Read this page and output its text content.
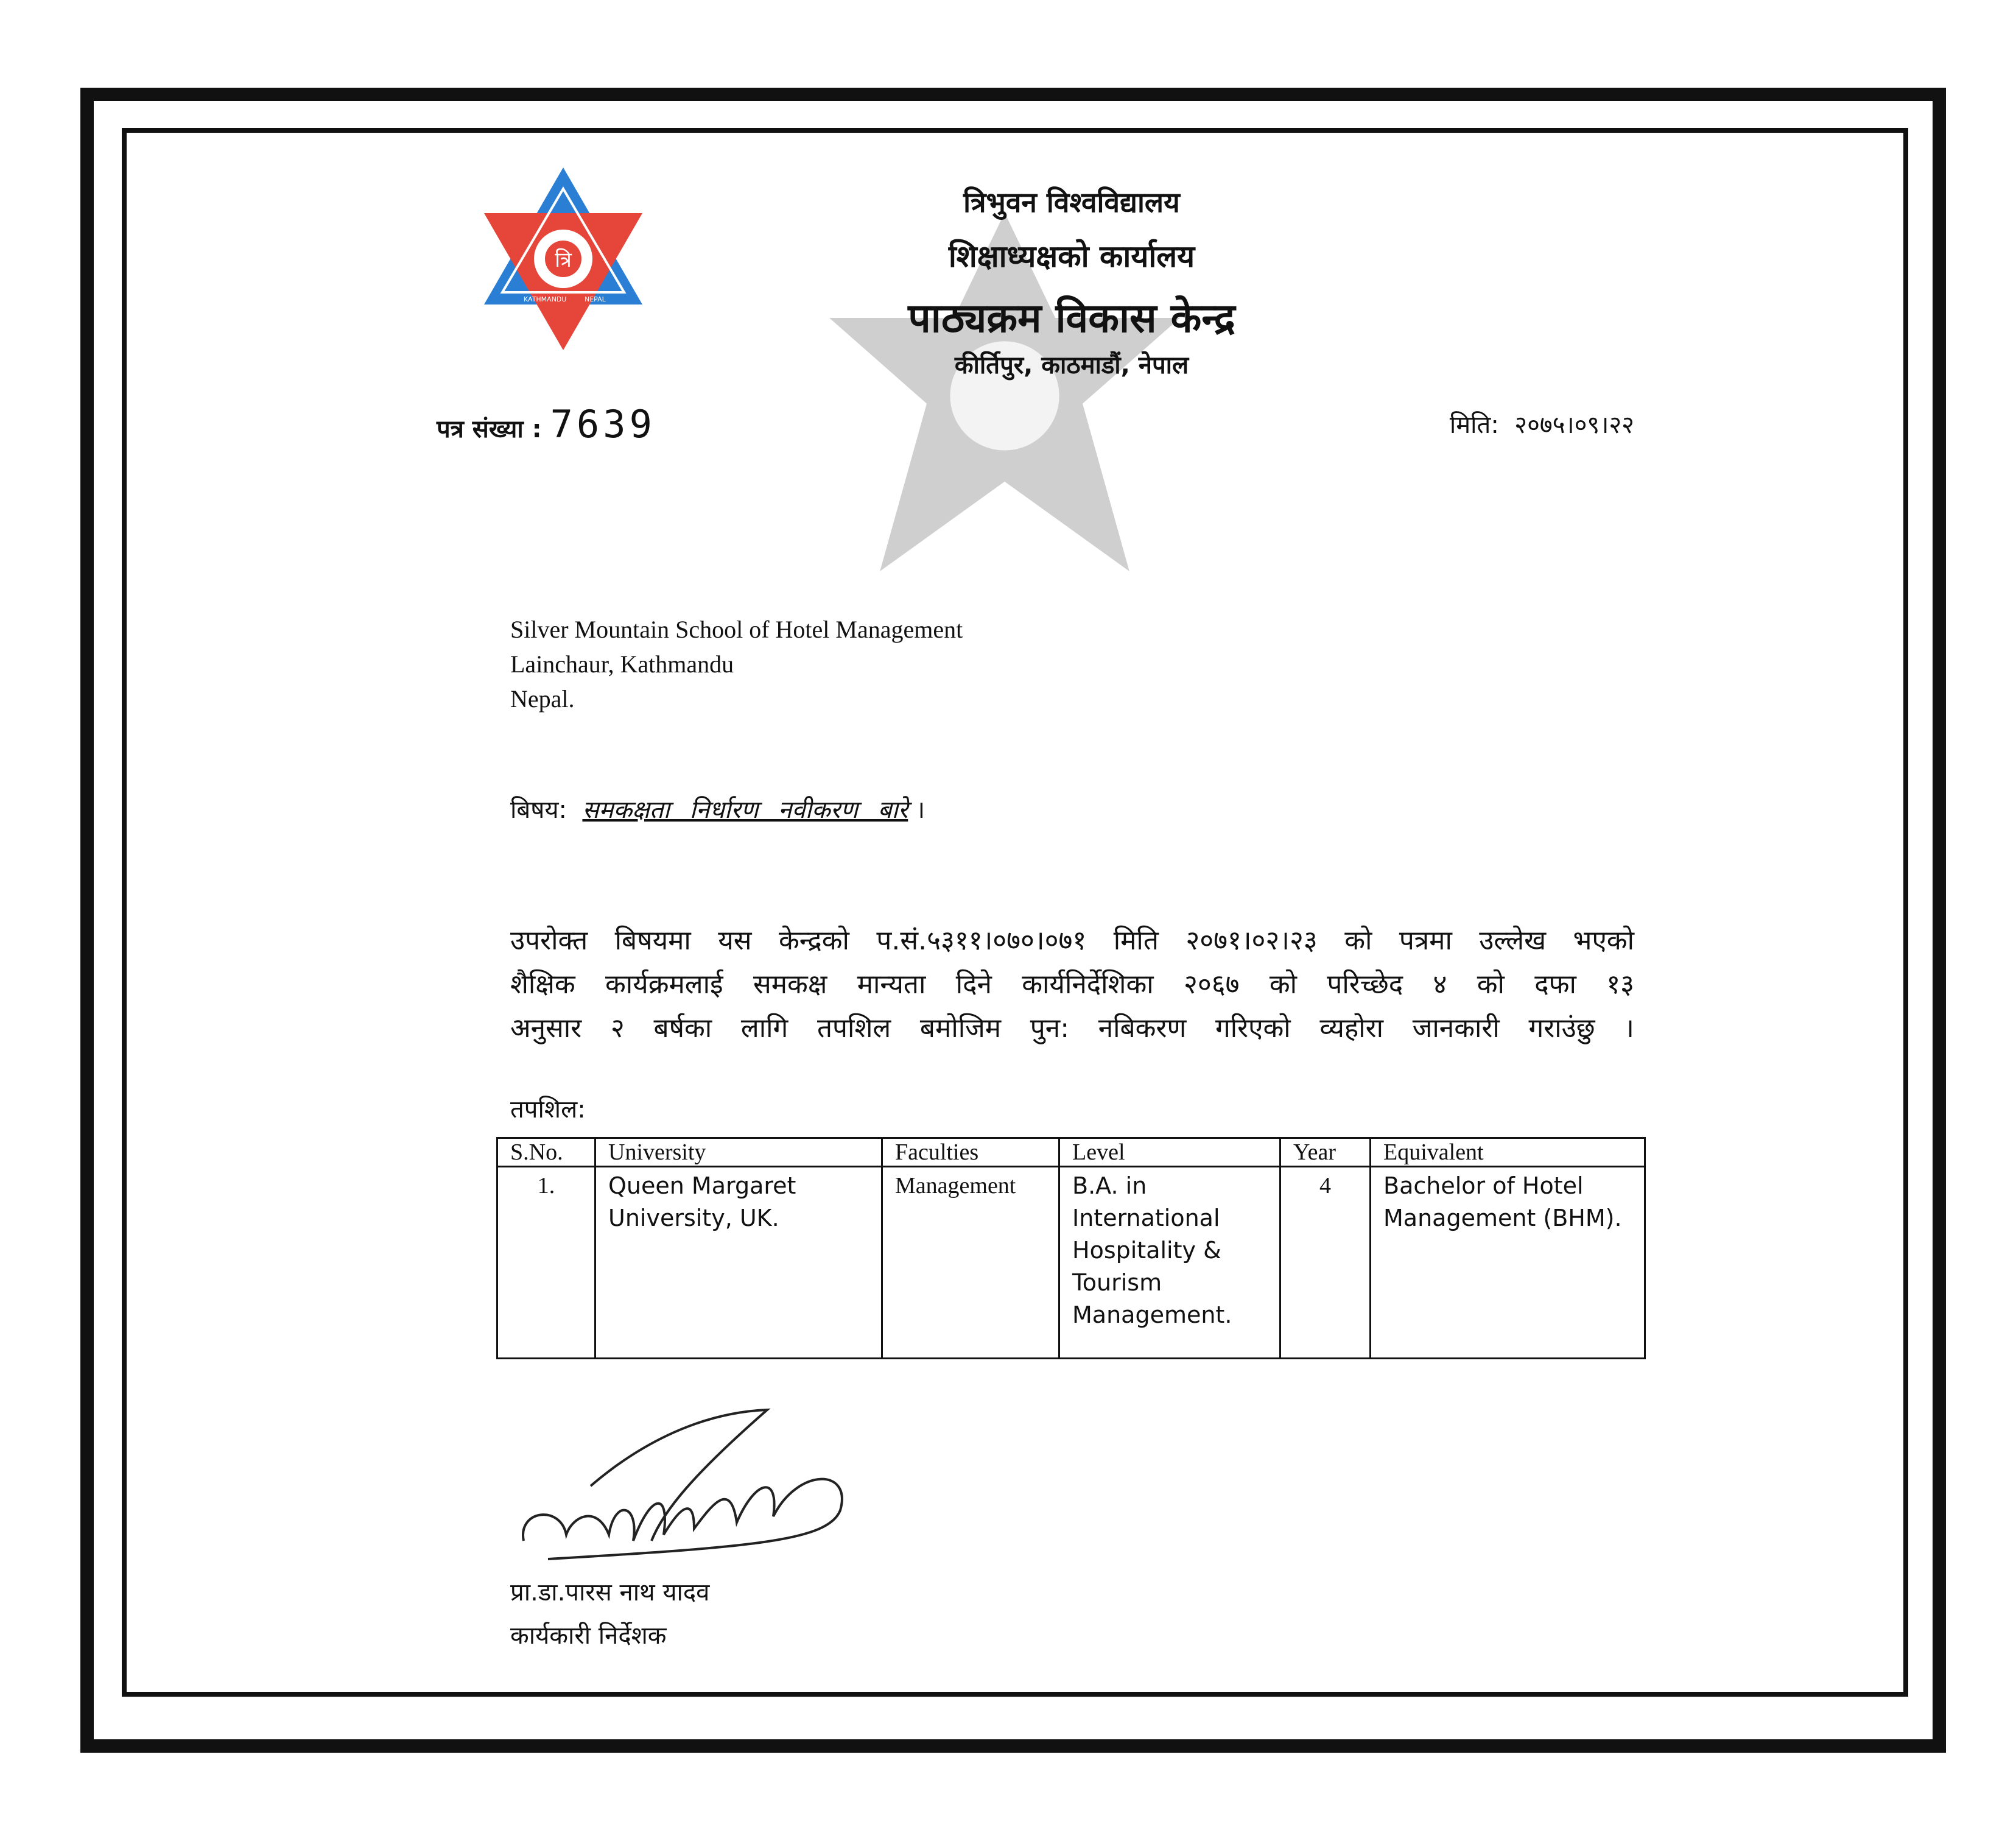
त्रि
KATHMANDU	NEPAL
त्रिभुवन विश्वविद्यालय
शिक्षाध्यक्षको कार्यालय
पाठ्यक्रम विकास केन्द्र
कीर्तिपुर, काठमाडौं, नेपाल
पत्र संख्या : 7639	मिति: २०७५।०९।२२
Silver Mountain School of Hotel Management
Lainchaur, Kathmandu
Nepal.
बिषय: समकक्षता निर्धारण नवीकरण बारे ।
उपरोक्त बिषयमा यस केन्द्रको प.सं.५३११।०७०।०७१ मिति २०७१।०२।२३ को पत्रमा उल्लेख भएको
शैक्षिक कार्यक्रमलाई समकक्ष मान्यता दिने कार्यनिर्देशिका २०६७ को परिच्छेद ४ को दफा १३
अनुसार २ बर्षका लागि तपशिल बमोजिम पुन: नबिकरण गरिएको व्यहोरा जानकारी गराउंछु ।
तपशिल:
S.No.	University	Faculties	Level	Year	Equivalent
1.	Queen Margaret University, UK.	Management	B.A. in International Hospitality & Tourism Management.	4	Bachelor of Hotel Management (BHM).
प्रा.डा.पारस नाथ यादव
कार्यकारी निर्देशक
